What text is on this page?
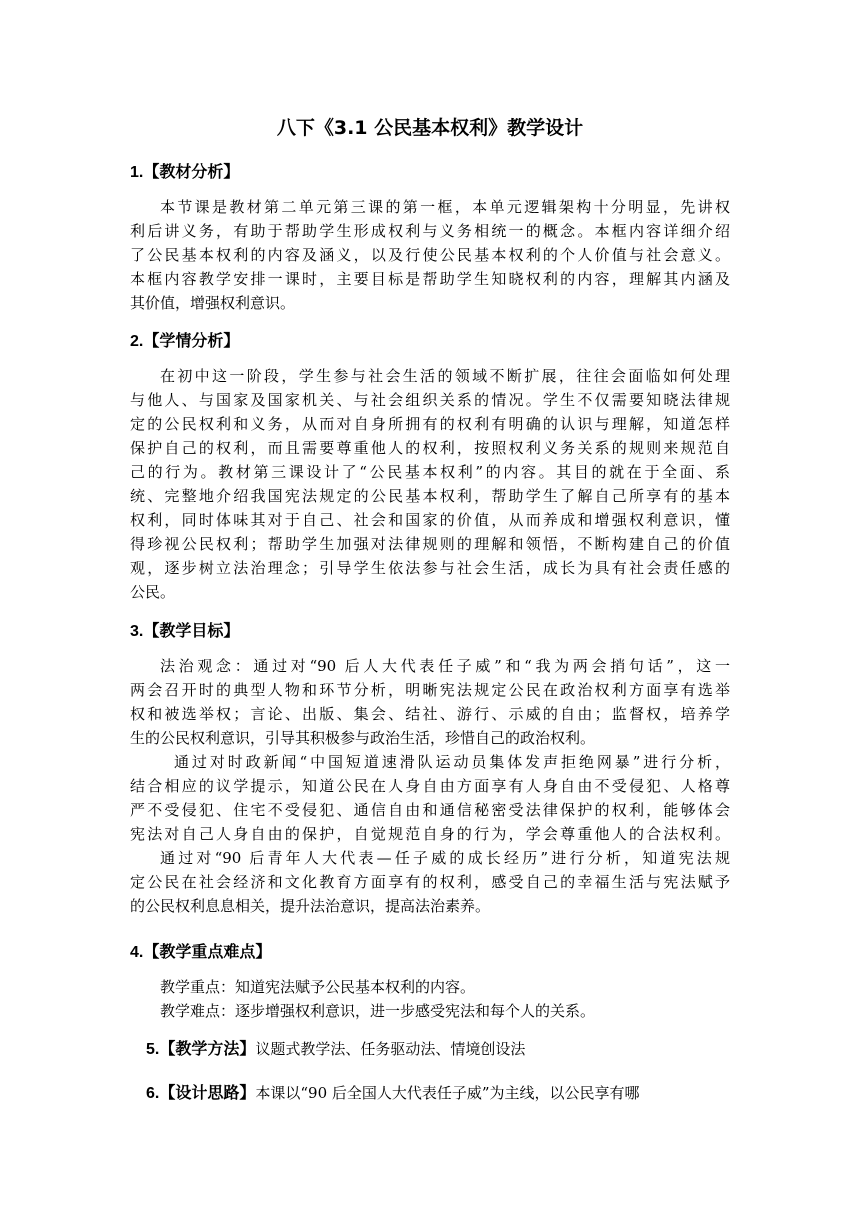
八下《3.1 公民基本权利》教学设计
1.【教材分析】

本节课是教材第二单元第三课的第一框，本单元逻辑架构十分明显，先讲权

利后讲义务，有助于帮助学生形成权利与义务相统一的概念。本框内容详细介绍

了公民基本权利的内容及涵义，以及行使公民基本权利的个人价值与社会意义。

本框内容教学安排一课时，主要目标是帮助学生知晓权利的内容，理解其内涵及

其价值，增强权利意识。

2.【学情分析】

在初中这一阶段，学生参与社会生活的领域不断扩展，往往会面临如何处理

与他人、与国家及国家机关、与社会组织关系的情况。学生不仅需要知晓法律规

定的公民权利和义务，从而对自身所拥有的权利有明确的认识与理解，知道怎样

保护自己的权利，而且需要尊重他人的权利，按照权利义务关系的规则来规范自

己的行为。教材第三课设计了“公民基本权利”的内容。其目的就在于全面、系

统、完整地介绍我国宪法规定的公民基本权利，帮助学生了解自己所享有的基本

权利，同时体味其对于自己、社会和国家的价值，从而养成和增强权利意识，懂

得珍视公民权利；帮助学生加强对法律规则的理解和领悟，不断构建自己的价值

观，逐步树立法治理念；引导学生依法参与社会生活，成长为具有社会责任感的

公民。

3.【教学目标】

法治观念：通过对“90 后人大代表任子威”和“我为两会捎句话”，这一

两会召开时的典型人物和环节分析，明晰宪法规定公民在政治权利方面享有选举

权和被选举权；言论、出版、集会、结社、游行、示威的自由；监督权，培养学

生的公民权利意识，引导其积极参与政治生活，珍惜自己的政治权利。

通过对时政新闻“中国短道速滑队运动员集体发声拒绝网暴”进行分析，

结合相应的议学提示，知道公民在人身自由方面享有人身自由不受侵犯、人格尊

严不受侵犯、住宅不受侵犯、通信自由和通信秘密受法律保护的权利，能够体会

宪法对自己人身自由的保护，自觉规范自身的行为，学会尊重他人的合法权利。

通过对“90 后青年人大代表—任子威的成长经历”进行分析，知道宪法规

定公民在社会经济和文化教育方面享有的权利，感受自己的幸福生活与宪法赋予

的公民权利息息相关，提升法治意识，提高法治素养。

4.【教学重点难点】

教学重点：知道宪法赋予公民基本权利的内容。

教学难点：逐步增强权利意识，进一步感受宪法和每个人的关系。

5.【教学方法】议题式教学法、任务驱动法、情境创设法

6.【设计思路】本课以“90 后全国人大代表任子威”为主线，以公民享有哪
